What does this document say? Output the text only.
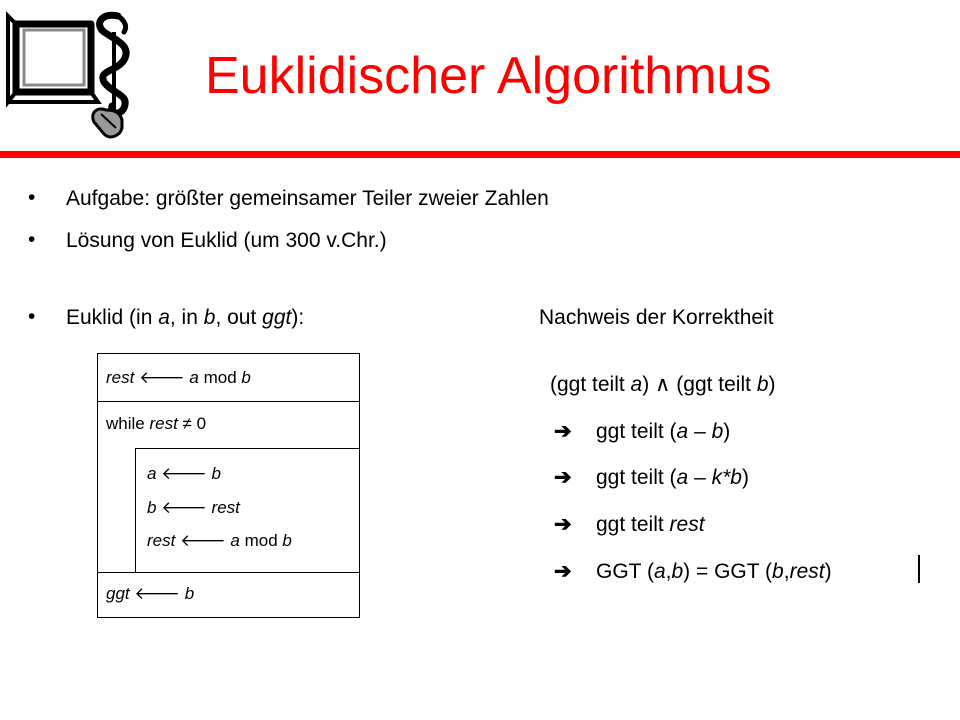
Euklidischer Algorithmus
• Aufgabe: größter gemeinsamer Teiler zweier Zahlen
• Lösung von Euklid (um 300 v.Chr.)
• Euklid (in a, in b, out ggt):	Nachweis der Korrektheit
rest 🡐 a mod b
while rest ≠ 0
a 🡐 b
b 🡐 rest
rest 🡐 a mod b
ggt 🡐 b
(ggt teilt a) ∧ (ggt teilt b)
➔ ggt teilt (a – b)
➔ ggt teilt (a – k*b)
➔ ggt teilt rest
➔ GGT (a,b) = GGT (b,rest)
